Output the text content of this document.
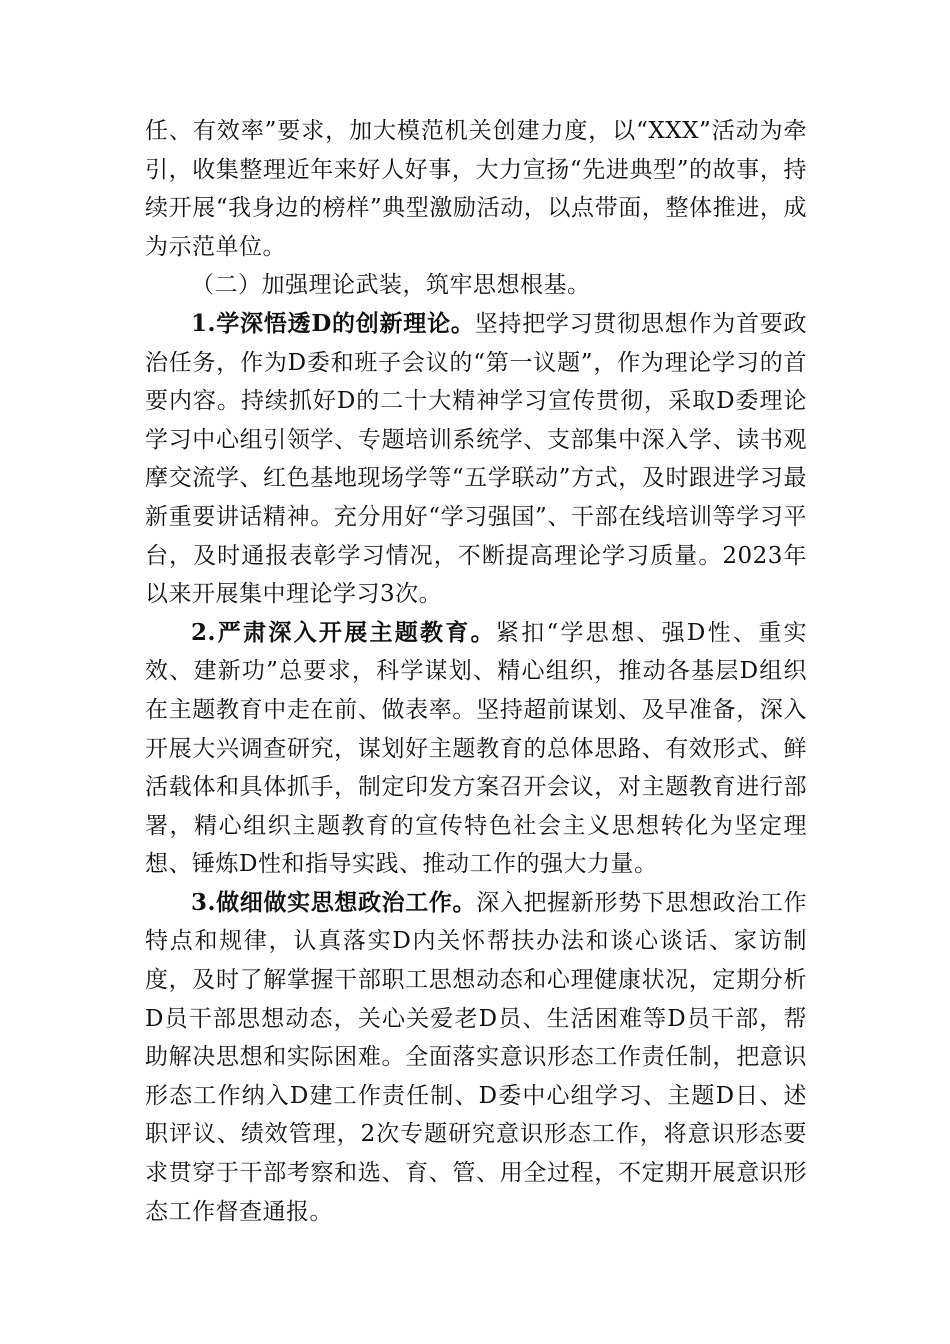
任、有效率”要求，加大模范机关创建力度，以“XXX”活动为牵引，收集整理近年来好人好事，大力宣扬“先进典型”的故事，持续开展“我身边的榜样”典型激励活动，以点带面，整体推进，成为示范单位。

（二）加强理论武装，筑牢思想根基。

1.学深悟透D的创新理论。坚持把学习贯彻思想作为首要政治任务，作为D委和班子会议的“第一议题”，作为理论学习的首要内容。持续抓好D的二十大精神学习宣传贯彻，采取D委理论学习中心组引领学、专题培训系统学、支部集中深入学、读书观摩交流学、红色基地现场学等“五学联动”方式，及时跟进学习最新重要讲话精神。充分用好“学习强国”、干部在线培训等学习平台，及时通报表彰学习情况，不断提高理论学习质量。2023年以来开展集中理论学习3次。

2.严肃深入开展主题教育。紧扣“学思想、强D性、重实效、建新功”总要求，科学谋划、精心组织，推动各基层D组织在主题教育中走在前、做表率。坚持超前谋划、及早准备，深入开展大兴调查研究，谋划好主题教育的总体思路、有效形式、鲜活载体和具体抓手，制定印发方案召开会议，对主题教育进行部署，精心组织主题教育的宣传特色社会主义思想转化为坚定理想、锤炼D性和指导实践、推动工作的强大力量。

3.做细做实思想政治工作。深入把握新形势下思想政治工作特点和规律，认真落实D内关怀帮扶办法和谈心谈话、家访制度，及时了解掌握干部职工思想动态和心理健康状况，定期分析D员干部思想动态，关心关爱老D员、生活困难等D员干部，帮助解决思想和实际困难。全面落实意识形态工作责任制，把意识形态工作纳入D建工作责任制、D委中心组学习、主题D日、述职评议、绩效管理，2次专题研究意识形态工作，将意识形态要求贯穿于干部考察和选、育、管、用全过程，不定期开展意识形态工作督查通报。
